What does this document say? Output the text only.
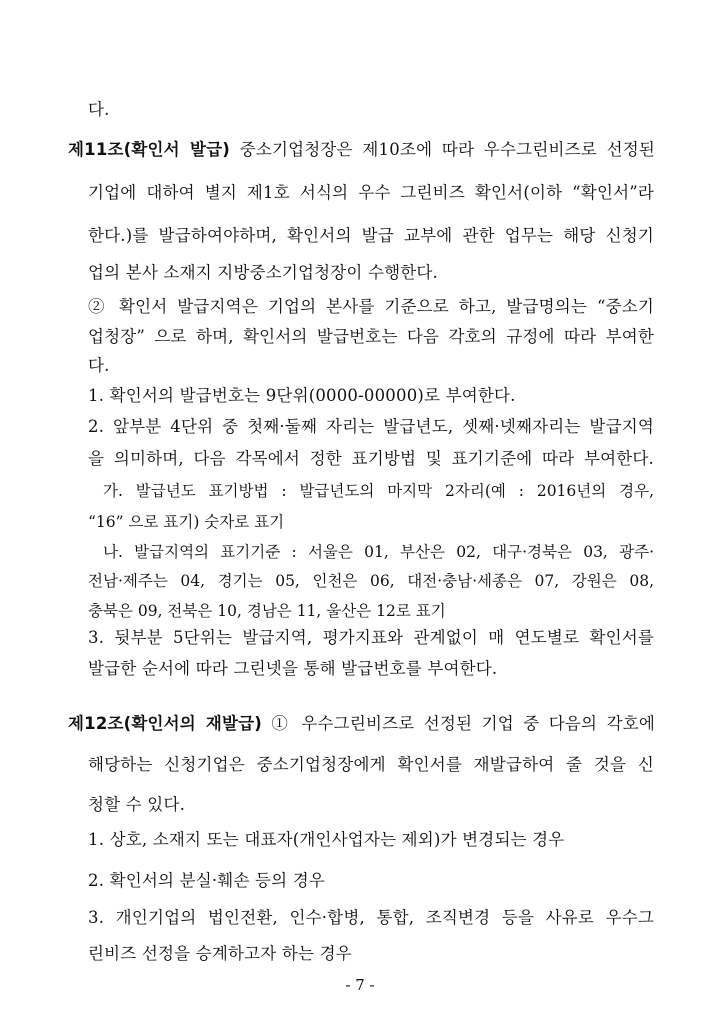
다.
제11조(확인서 발급) 중소기업청장은 제10조에 따라 우수그린비즈로 선정된
기업에 대하여 별지 제1호 서식의 우수 그린비즈 확인서(이하 “확인서”라
한다.)를 발급하여야하며, 확인서의 발급 교부에 관한 업무는 해당 신청기
업의 본사 소재지 지방중소기업청장이 수행한다.
② 확인서 발급지역은 기업의 본사를 기준으로 하고, 발급명의는 “중소기
업청장” 으로 하며, 확인서의 발급번호는 다음 각호의 규정에 따라 부여한
다.
1. 확인서의 발급번호는 9단위(0000-00000)로 부여한다.
2. 앞부분 4단위 중 첫째·둘째 자리는 발급년도, 셋째·넷째자리는 발급지역
을 의미하며, 다음 각목에서 정한 표기방법 및 표기기준에 따라 부여한다.
가. 발급년도 표기방법 : 발급년도의 마지막 2자리(예 : 2016년의 경우,
“16” 으로 표기) 숫자로 표기
나. 발급지역의 표기기준 : 서울은 01, 부산은 02, 대구·경북은 03, 광주·
전남·제주는 04, 경기는 05, 인천은 06, 대전·충남·세종은 07, 강원은 08,
충북은 09, 전북은 10, 경남은 11, 울산은 12로 표기
3. 뒷부분 5단위는 발급지역, 평가지표와 관계없이 매 연도별로 확인서를
발급한 순서에 따라 그린넷을 통해 발급번호를 부여한다.
제12조(확인서의 재발급) ① 우수그린비즈로 선정된 기업 중 다음의 각호에
해당하는 신청기업은 중소기업청장에게 확인서를 재발급하여 줄 것을 신
청할 수 있다.
1. 상호, 소재지 또는 대표자(개인사업자는 제외)가 변경되는 경우
2. 확인서의 분실·훼손 등의 경우
3. 개인기업의 법인전환, 인수·합병, 통합, 조직변경 등을 사유로 우수그
린비즈 선정을 승계하고자 하는 경우
- 7 -
